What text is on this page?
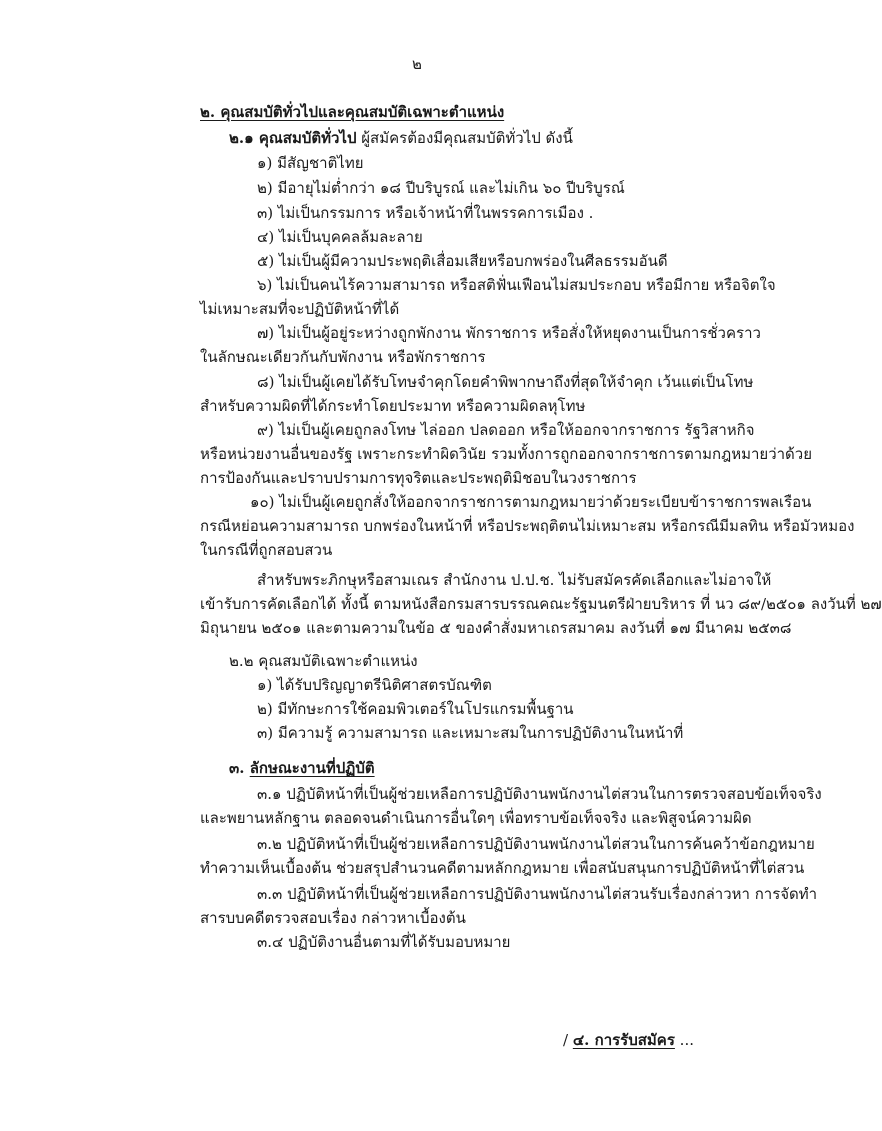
๒
๒. คุณสมบัติทั่วไปและคุณสมบัติเฉพาะตำแหน่ง
๒.๑ คุณสมบัติทั่วไป ผู้สมัครต้องมีคุณสมบัติทั่วไป ดังนี้
๑) มีสัญชาติไทย
๒) มีอายุไม่ต่ำกว่า ๑๘ ปีบริบูรณ์ และไม่เกิน ๖๐ ปีบริบูรณ์
๓) ไม่เป็นกรรมการ หรือเจ้าหน้าที่ในพรรคการเมือง .
๔) ไม่เป็นบุคคลล้มละลาย
๕) ไม่เป็นผู้มีความประพฤติเสื่อมเสียหรือบกพร่องในศีลธรรมอันดี
๖) ไม่เป็นคนไร้ความสามารถ หรือสติฟั่นเฟือนไม่สมประกอบ หรือมีกาย หรือจิตใจ
ไม่เหมาะสมที่จะปฏิบัติหน้าที่ได้
๗) ไม่เป็นผู้อยู่ระหว่างถูกพักงาน พักราชการ หรือสั่งให้หยุดงานเป็นการชั่วคราว
ในลักษณะเดียวกันกับพักงาน หรือพักราชการ
๘) ไม่เป็นผู้เคยได้รับโทษจำคุกโดยคำพิพากษาถึงที่สุดให้จำคุก เว้นแต่เป็นโทษ
สำหรับความผิดที่ได้กระทำโดยประมาท หรือความผิดลหุโทษ
๙) ไม่เป็นผู้เคยถูกลงโทษ ไล่ออก ปลดออก หรือให้ออกจากราชการ รัฐวิสาหกิจ
หรือหน่วยงานอื่นของรัฐ เพราะกระทำผิดวินัย รวมทั้งการถูกออกจากราชการตามกฎหมายว่าด้วย
การป้องกันและปราบปรามการทุจริตและประพฤติมิชอบในวงราชการ
๑๐) ไม่เป็นผู้เคยถูกสั่งให้ออกจากราชการตามกฎหมายว่าด้วยระเบียบข้าราชการพลเรือน
กรณีหย่อนความสามารถ บกพร่องในหน้าที่ หรือประพฤติตนไม่เหมาะสม หรือกรณีมีมลทิน หรือมัวหมอง
ในกรณีที่ถูกสอบสวน
สำหรับพระภิกษุหรือสามเณร สำนักงาน ป.ป.ช. ไม่รับสมัครคัดเลือกและไม่อาจให้
เข้ารับการคัดเลือกได้ ทั้งนี้ ตามหนังสือกรมสารบรรณคณะรัฐมนตรีฝ่ายบริหาร ที่ นว ๘๙/๒๕๐๑ ลงวันที่ ๒๗
มิถุนายน ๒๕๐๑ และตามความในข้อ ๕ ของคำสั่งมหาเถรสมาคม ลงวันที่ ๑๗ มีนาคม ๒๕๓๘
๒.๒ คุณสมบัติเฉพาะตำแหน่ง
๑) ได้รับปริญญาตรีนิติศาสตรบัณฑิต
๒) มีทักษะการใช้คอมพิวเตอร์ในโปรแกรมพื้นฐาน
๓) มีความรู้ ความสามารถ และเหมาะสมในการปฏิบัติงานในหน้าที่
๓. ลักษณะงานที่ปฏิบัติ
๓.๑ ปฏิบัติหน้าที่เป็นผู้ช่วยเหลือการปฏิบัติงานพนักงานไต่สวนในการตรวจสอบข้อเท็จจริง
และพยานหลักฐาน ตลอดจนดำเนินการอื่นใดๆ เพื่อทราบข้อเท็จจริง และพิสูจน์ความผิด
๓.๒ ปฏิบัติหน้าที่เป็นผู้ช่วยเหลือการปฏิบัติงานพนักงานไต่สวนในการค้นคว้าข้อกฎหมาย
ทำความเห็นเบื้องต้น ช่วยสรุปสำนวนคดีตามหลักกฎหมาย เพื่อสนับสนุนการปฏิบัติหน้าที่ไต่สวน
๓.๓ ปฏิบัติหน้าที่เป็นผู้ช่วยเหลือการปฏิบัติงานพนักงานไต่สวนรับเรื่องกล่าวหา การจัดทำ
สารบบคดีตรวจสอบเรื่อง กล่าวหาเบื้องต้น
๓.๔ ปฏิบัติงานอื่นตามที่ได้รับมอบหมาย
/ ๔. การรับสมัคร ...
